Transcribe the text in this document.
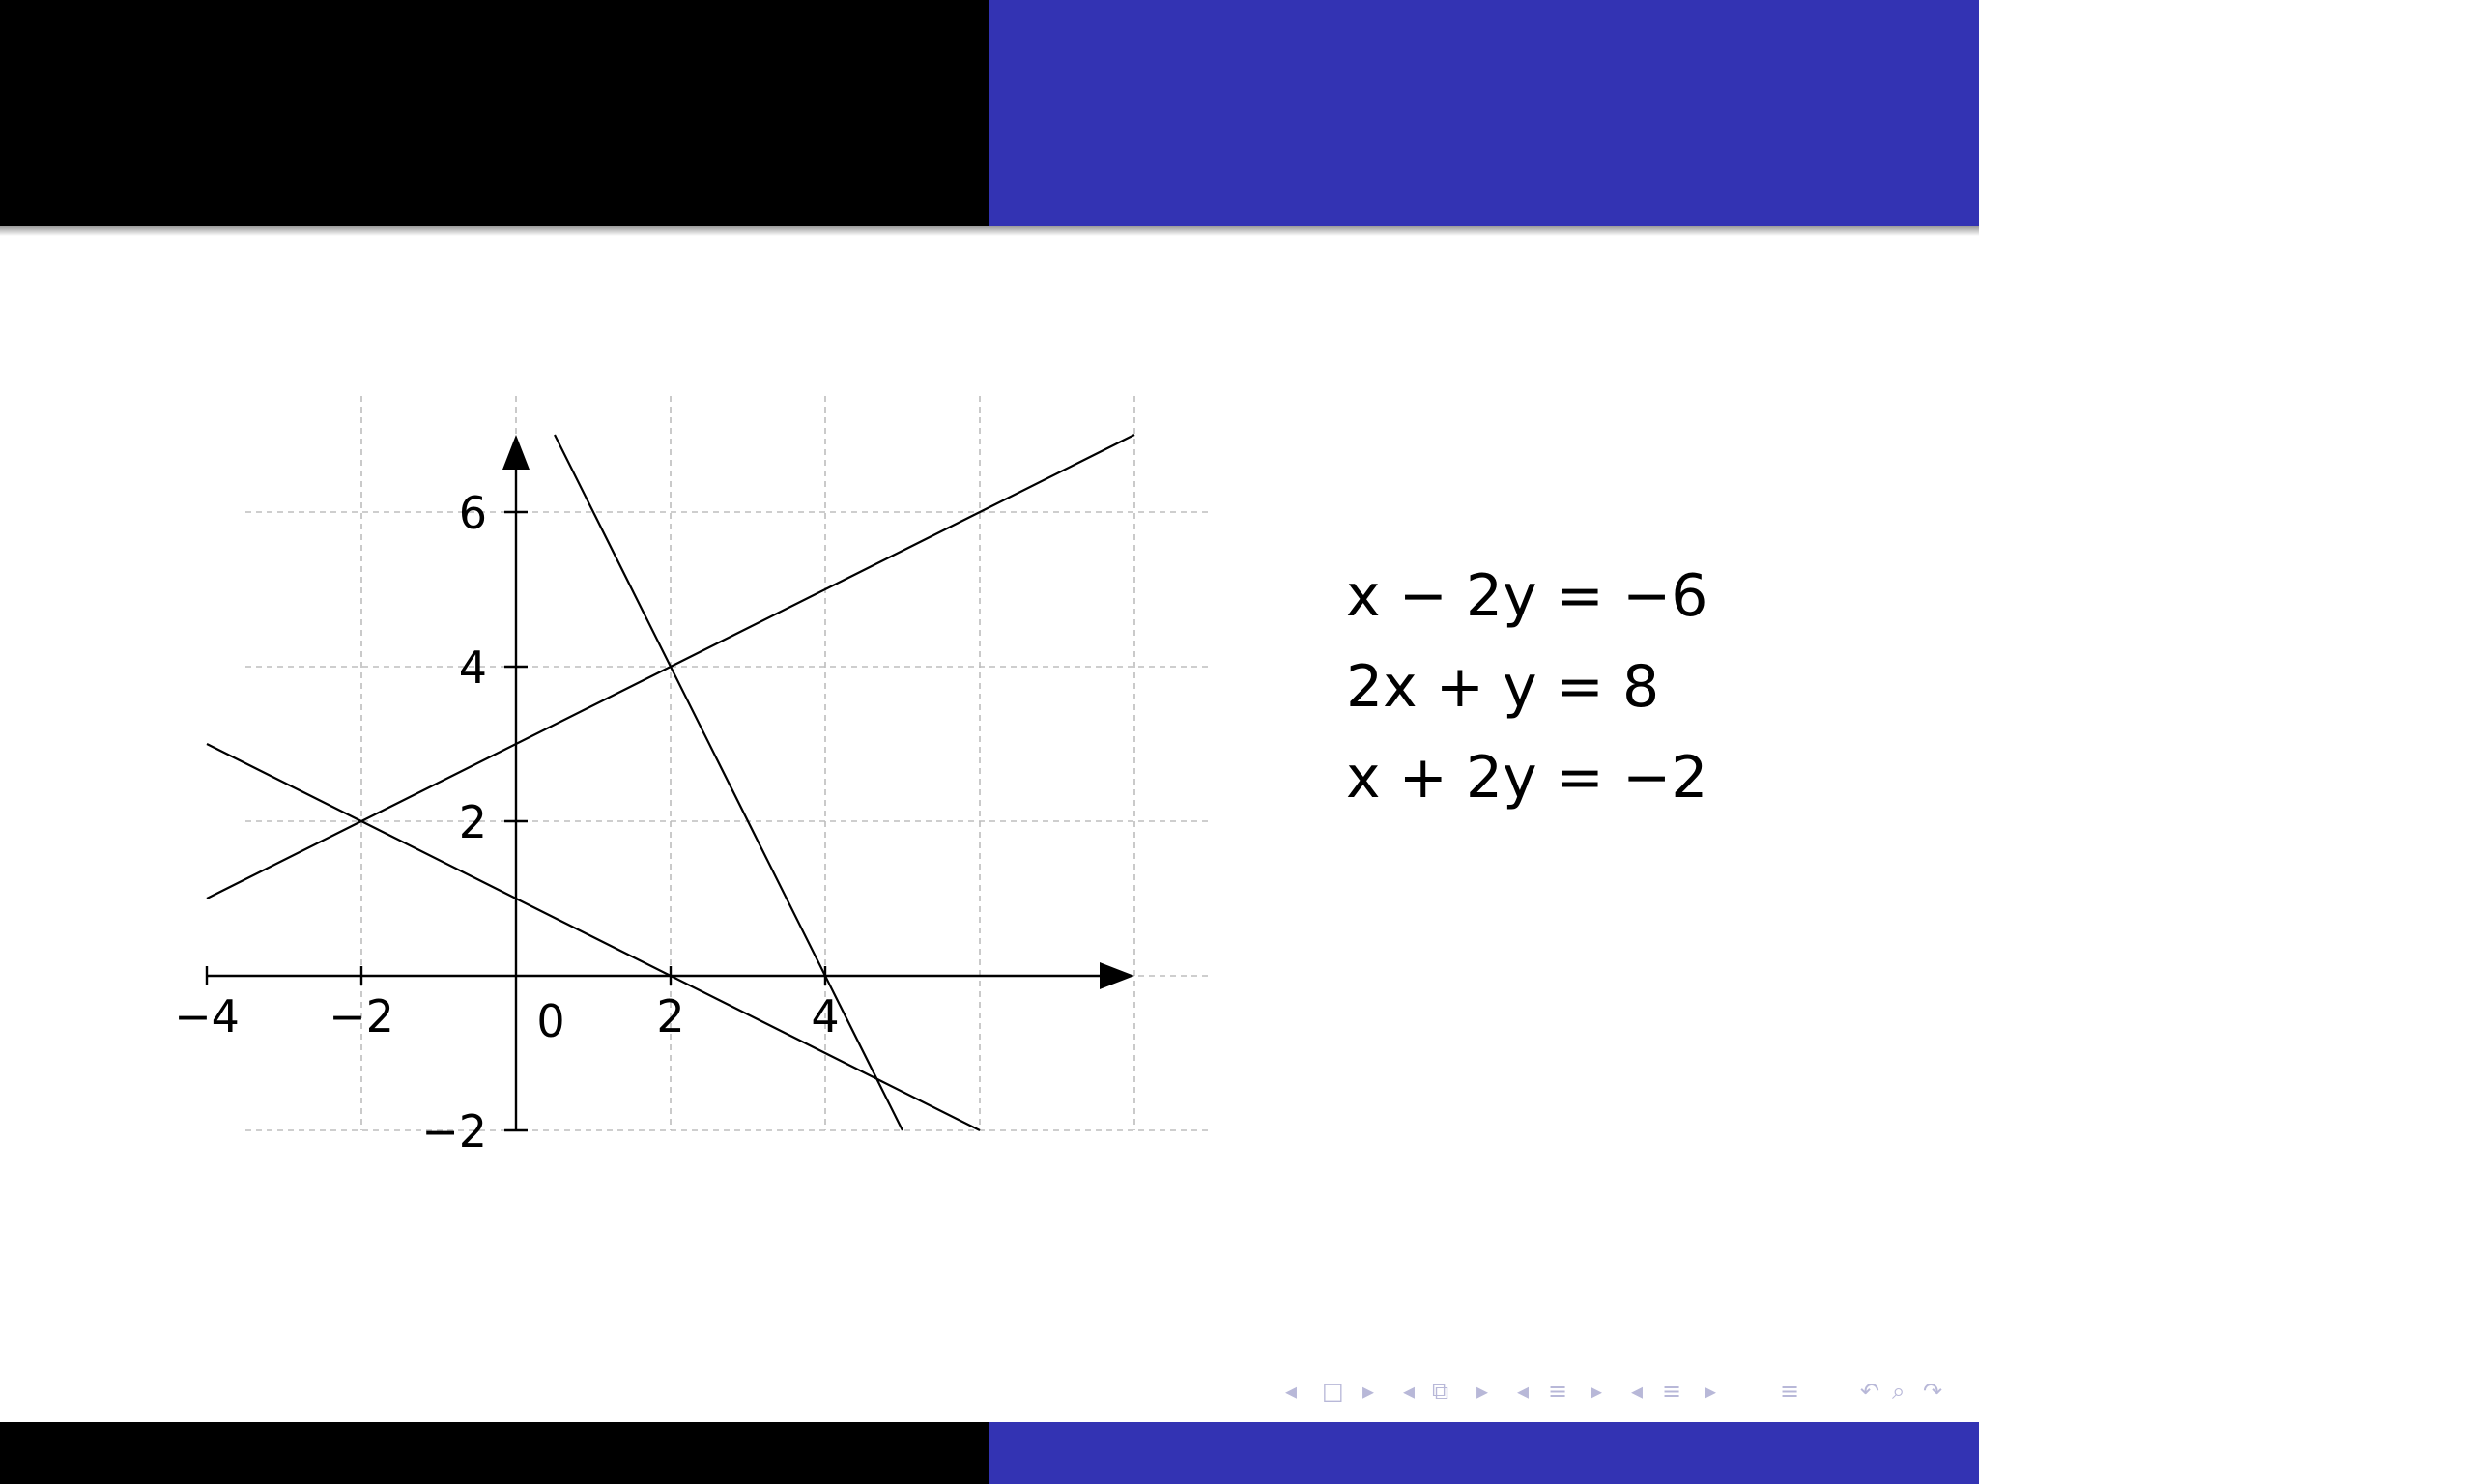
−4 −2	2	4
−2
2
4
6
0
x − 2y = −6
2x + y = 8
x + 2y = −2
◂ □ ▸ ◂ ⧉ ▸ ◂ ≡ ▸ ◂ ≡ ▸	≡	↶ ⌕ ↷
Math 1300 Finite Mathematics
